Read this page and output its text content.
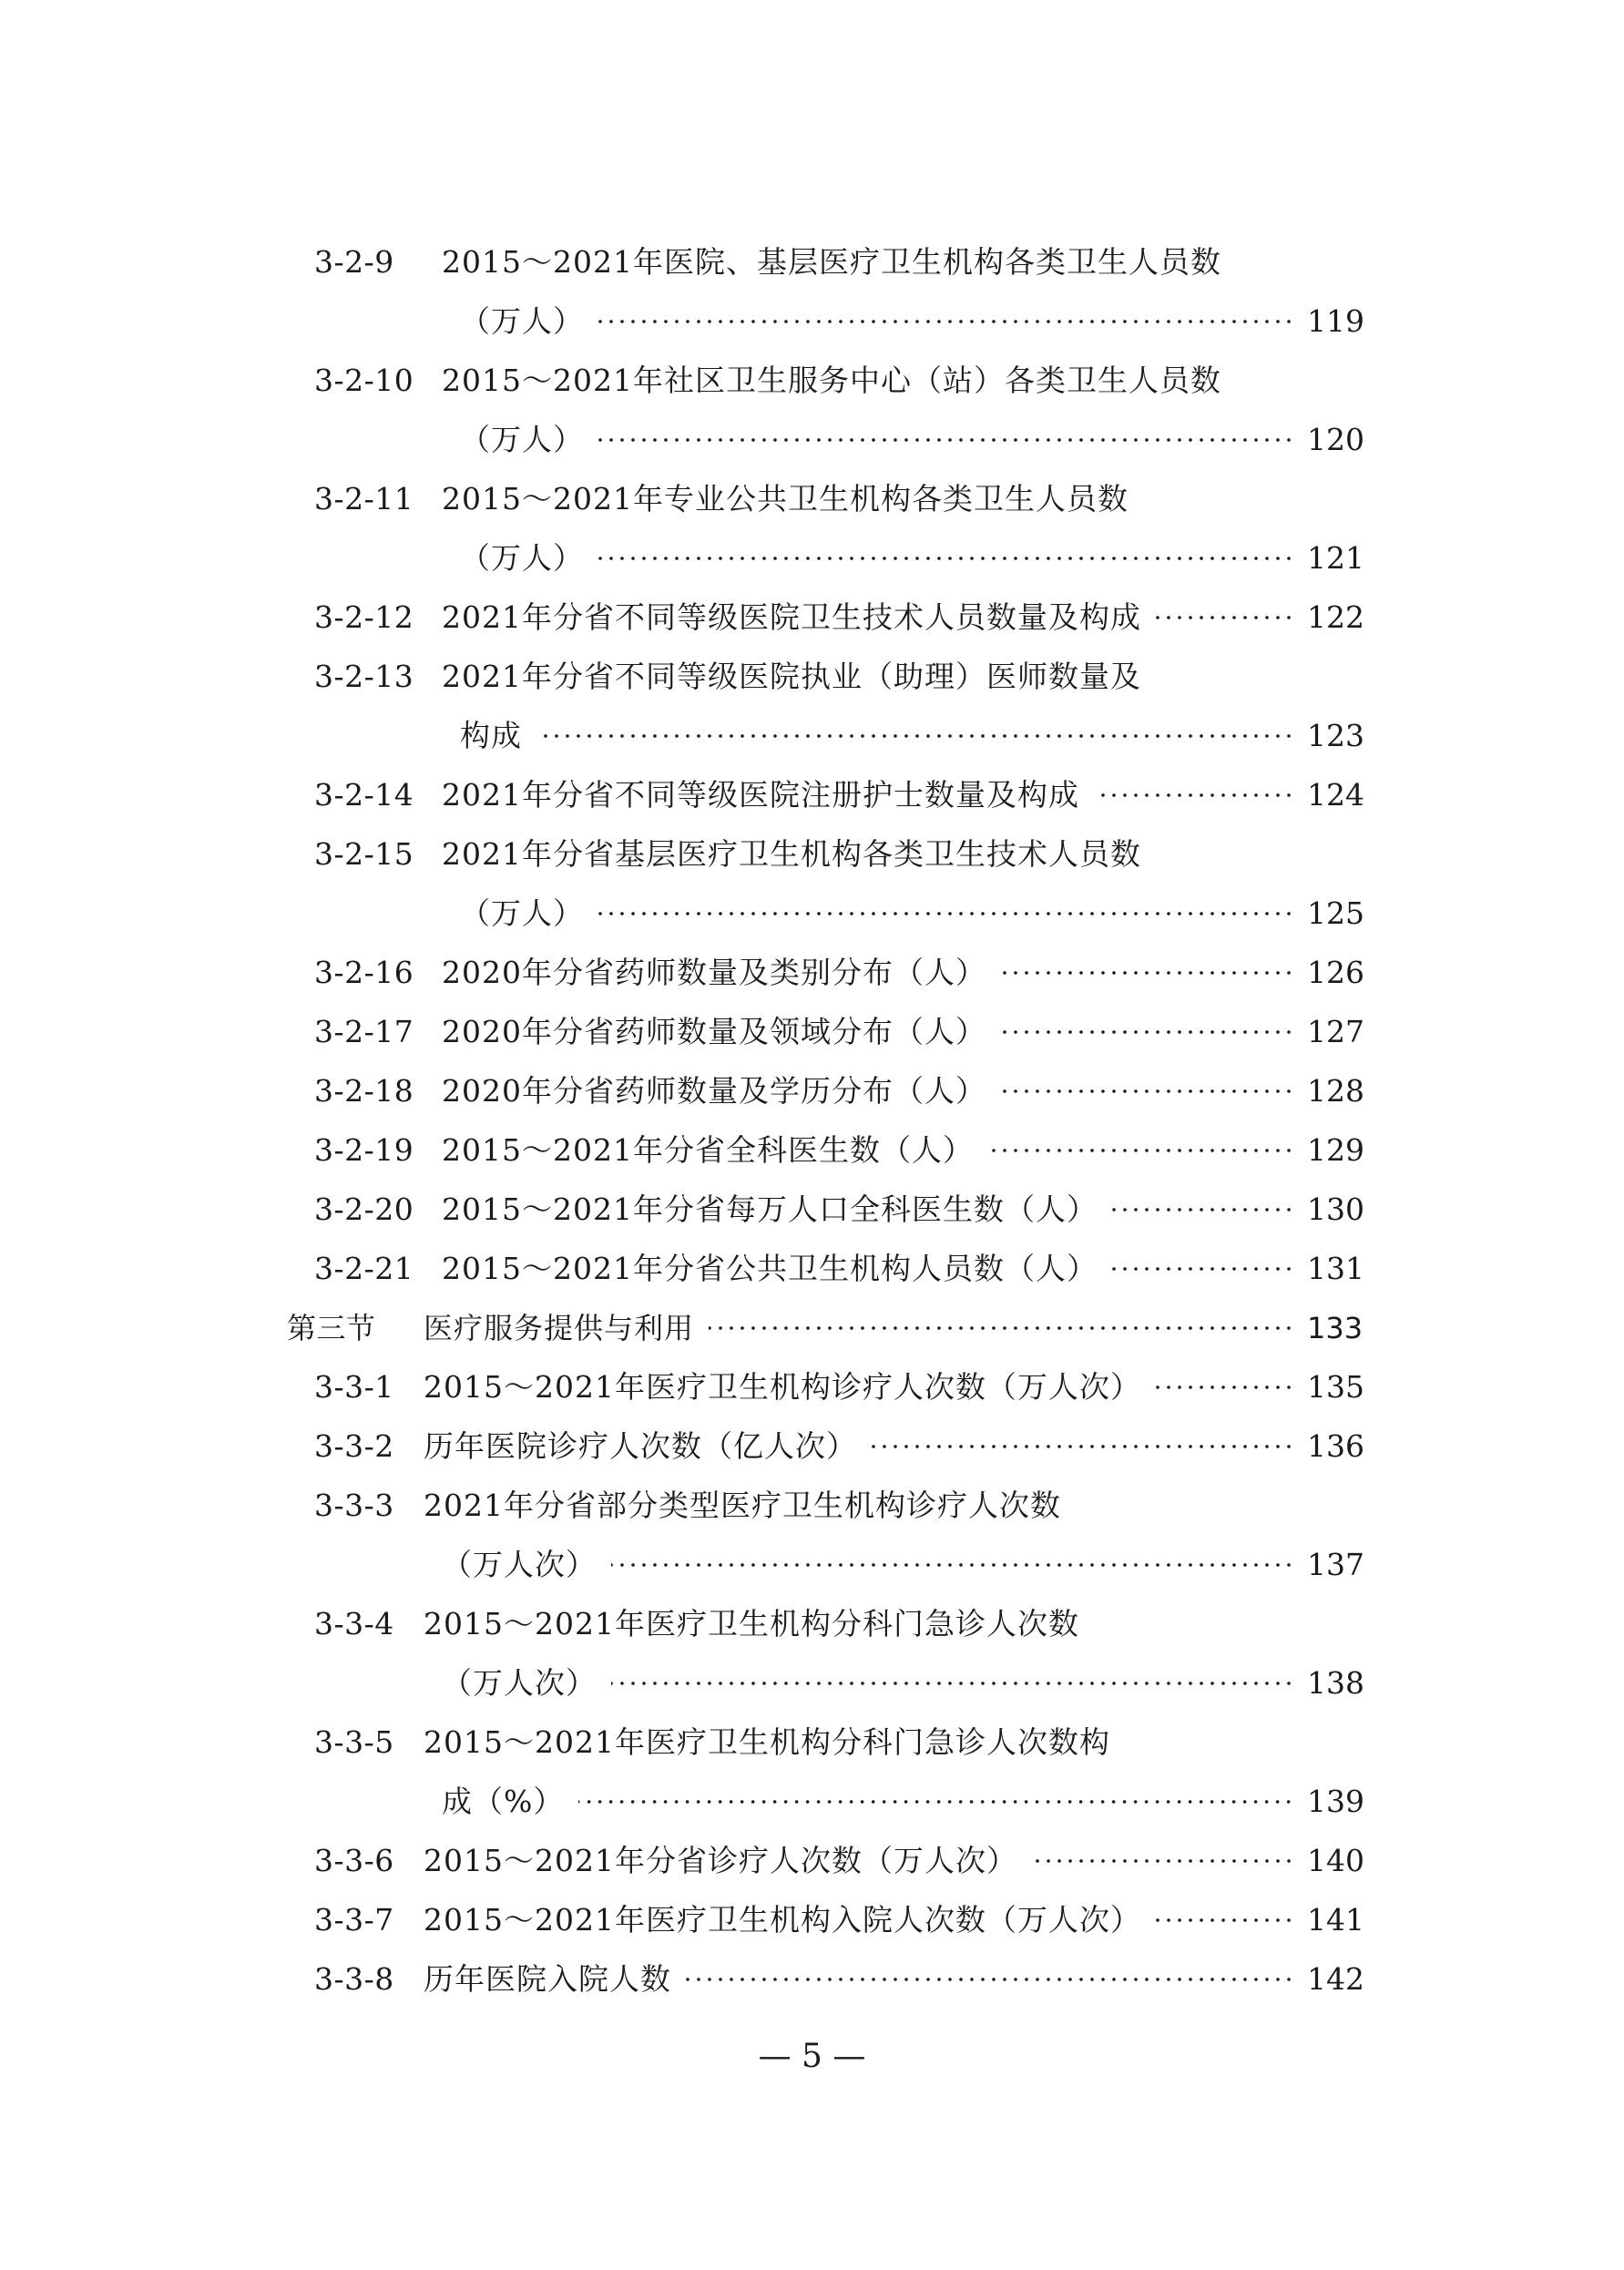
3-2-9	2015～2021年医院、基层医疗卫生机构各类卫生人员数
（万人）	119
3-2-10 2015～2021年社区卫生服务中心（站）各类卫生人员数
（万人）	120
3-2-11 2015～2021年专业公共卫生机构各类卫生人员数
（万人）	121
3-2-12 2021年分省不同等级医院卫生技术人员数量及构成	122
3-2-13 2021年分省不同等级医院执业（助理）医师数量及
构成	123
3-2-14 2021年分省不同等级医院注册护士数量及构成	124
3-2-15 2021年分省基层医疗卫生机构各类卫生技术人员数
（万人）	125
3-2-16 2020年分省药师数量及类别分布（人）	126
3-2-17 2020年分省药师数量及领域分布（人）	127
3-2-18 2020年分省药师数量及学历分布（人）	128
3-2-19 2015～2021年分省全科医生数（人）	129
3-2-20 2015～2021年分省每万人口全科医生数（人）	130
3-2-21 2015～2021年分省公共卫生机构人员数（人）	131
第三节	医疗服务提供与利用	133
3-3-1 2015～2021年医疗卫生机构诊疗人次数（万人次）	135
3-3-2 历年医院诊疗人次数（亿人次）	136
3-3-3 2021年分省部分类型医疗卫生机构诊疗人次数
（万人次）	137
3-3-4 2015～2021年医疗卫生机构分科门急诊人次数
（万人次）	138
3-3-5 2015～2021年医疗卫生机构分科门急诊人次数构
成（%）	139
3-3-6 2015～2021年分省诊疗人次数（万人次）	140
3-3-7 2015～2021年医疗卫生机构入院人次数（万人次）	141
3-3-8 历年医院入院人数	142
— 5 —
